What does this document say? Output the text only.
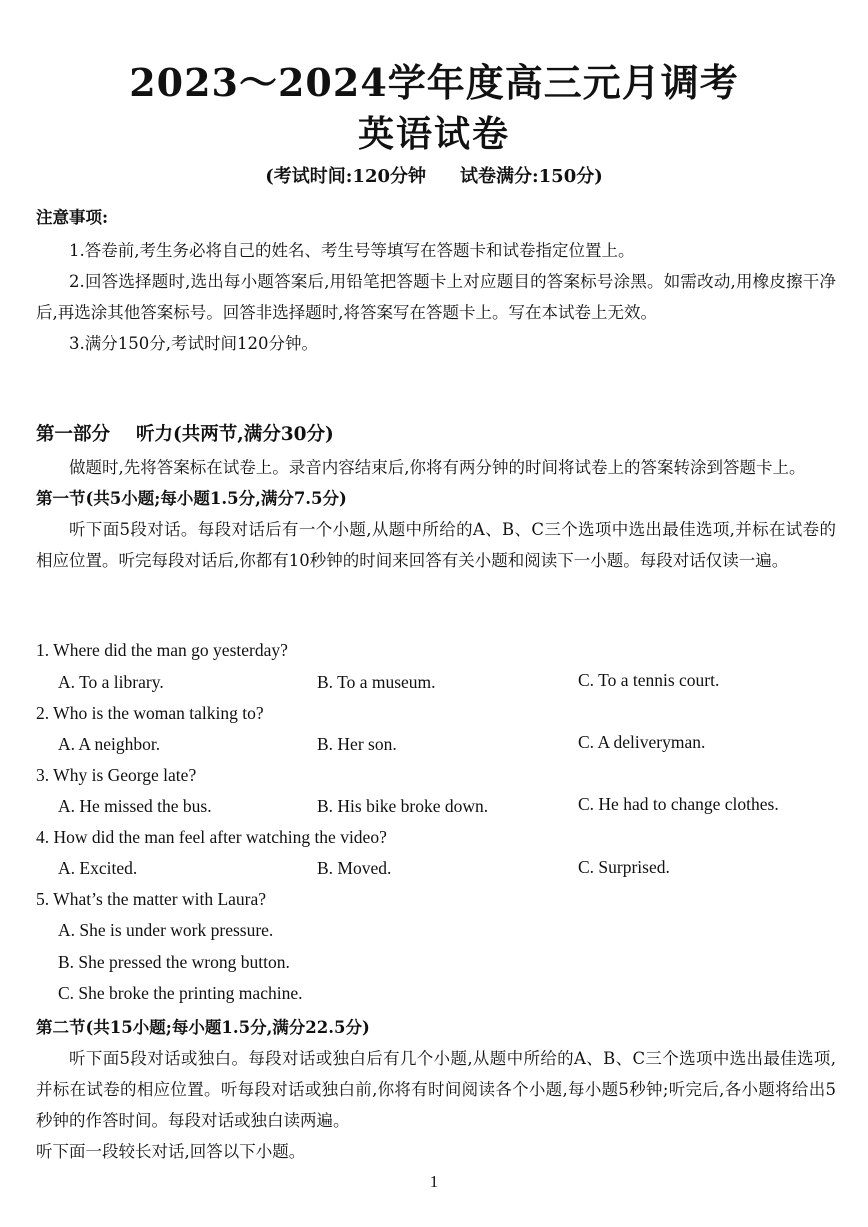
2023～2024学年度高三元月调考
英语试卷
(考试时间:120分钟 试卷满分:150分)
注意事项:

1.答卷前,考生务必将自己的姓名、考生号等填写在答题卡和试卷指定位置上。

2.回答选择题时,选出每小题答案后,用铅笔把答题卡上对应题目的答案标号涂黑。如需改动,用橡皮擦干净后,再选涂其他答案标号。回答非选择题时,将答案写在答题卡上。写在本试卷上无效。

3.满分150分,考试时间120分钟。

第一部分 听力(共两节,满分30分)

做题时,先将答案标在试卷上。录音内容结束后,你将有两分钟的时间将试卷上的答案转涂到答题卡上。

第一节(共5小题;每小题1.5分,满分7.5分)

听下面5段对话。每段对话后有一个小题,从题中所给的A、B、C三个选项中选出最佳选项,并标在试卷的相应位置。听完每段对话后,你都有10秒钟的时间来回答有关小题和阅读下一小题。每段对话仅读一遍。

1. Where did the man go yesterday?
A. To a library.	B. To a museum.	C. To a tennis court.
2. Who is the woman talking to?
A. A neighbor.	B. Her son.	C. A deliveryman.
3. Why is George late?
A. He missed the bus.	B. His bike broke down.	C. He had to change clothes.
4. How did the man feel after watching the video?
A. Excited.	B. Moved.	C. Surprised.
5. What’s the matter with Laura?
A. She is under work pressure.
B. She pressed the wrong button.
C. She broke the printing machine.

第二节(共15小题;每小题1.5分,满分22.5分)

听下面5段对话或独白。每段对话或独白后有几个小题,从题中所给的A、B、C三个选项中选出最佳选项,并标在试卷的相应位置。听每段对话或独白前,你将有时间阅读各个小题,每小题5秒钟;听完后,各小题将给出5秒钟的作答时间。每段对话或独白读两遍。

听下面一段较长对话,回答以下小题。

1
